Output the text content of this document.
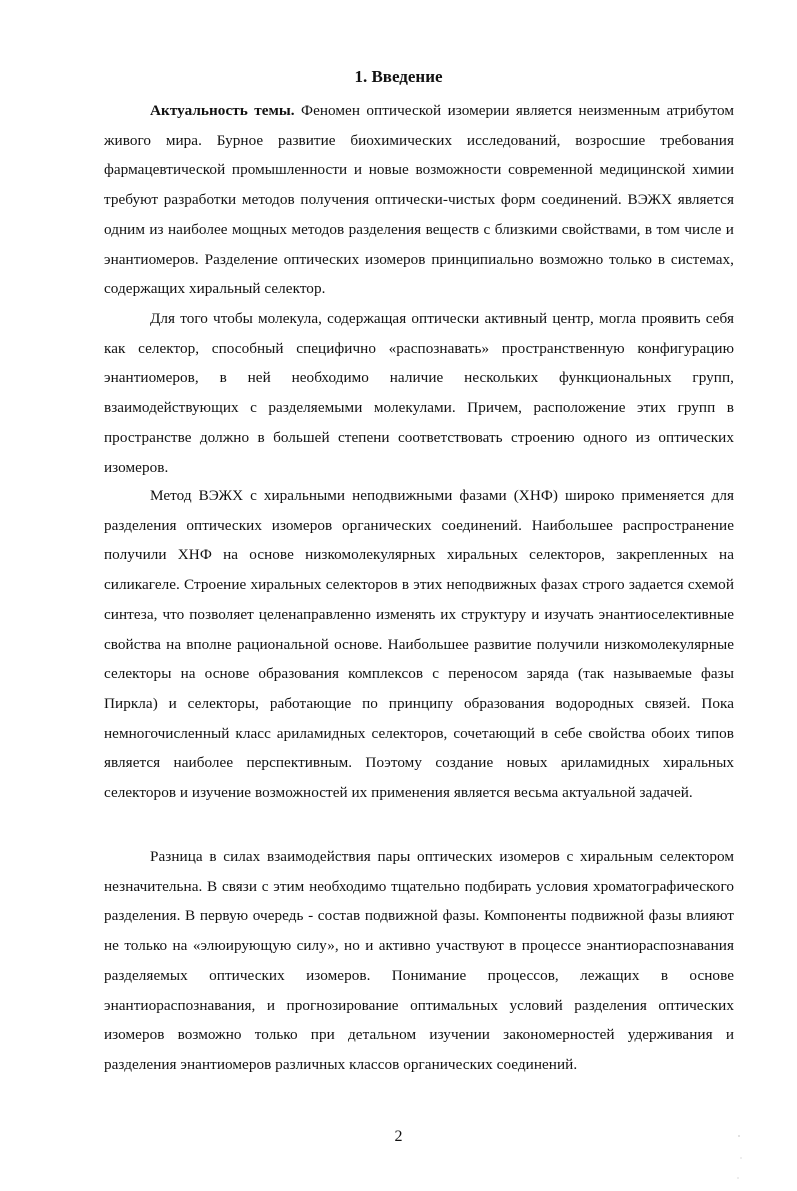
1. Введение

Актуальность темы. Феномен оптической изомерии является неизменным атрибутом живого мира. Бурное развитие биохимических исследований, возросшие требования фармацевтической промышленности и новые возможности современной медицинской химии требуют разработки методов получения оптически-чистых форм соединений. ВЭЖХ является одним из наиболее мощных методов разделения веществ с близкими свойствами, в том числе и энантиомеров. Разделение оптических изомеров принципиально возможно только в системах, содержащих хиральный селектор.

Для того чтобы молекула, содержащая оптически активный центр, могла проявить себя как селектор, способный специфично «распознавать» пространственную конфигурацию энантиомеров, в ней необходимо наличие нескольких функциональных групп, взаимодействующих с разделяемыми молекулами. Причем, расположение этих групп в пространстве должно в большей степени соответствовать строению одного из оптических изомеров.

Метод ВЭЖХ с хиральными неподвижными фазами (ХНФ) широко применяется для разделения оптических изомеров органических соединений. Наибольшее распространение получили ХНФ на основе низкомолекулярных хиральных селекторов, закрепленных на силикагеле. Строение хиральных селекторов в этих неподвижных фазах строго задается схемой синтеза, что позволяет целенаправленно изменять их структуру и изучать энантиоселективные свойства на вполне рациональной основе. Наибольшее развитие получили низкомолекулярные селекторы на основе образования комплексов с переносом заряда (так называемые фазы Пиркла) и селекторы, работающие по принципу образования водородных связей. Пока немногочисленный класс ариламидных селекторов, сочетающий в себе свойства обоих типов является наиболее перспективным. Поэтому создание новых ариламидных хиральных селекторов и изучение возможностей их применения является весьма актуальной задачей.

Разница в силах взаимодействия пары оптических изомеров с хиральным селектором незначительна. В связи с этим необходимо тщательно подбирать условия хроматографического разделения. В первую очередь - состав подвижной фазы. Компоненты подвижной фазы влияют не только на «элюирующую силу», но и активно участвуют в процессе энантиораспознавания разделяемых оптических изомеров. Понимание процессов, лежащих в основе энантиораспознавания, и прогнозирование оптимальных условий разделения оптических изомеров возможно только при детальном изучении закономерностей удерживания и разделения энантиомеров различных классов органических соединений.

2
